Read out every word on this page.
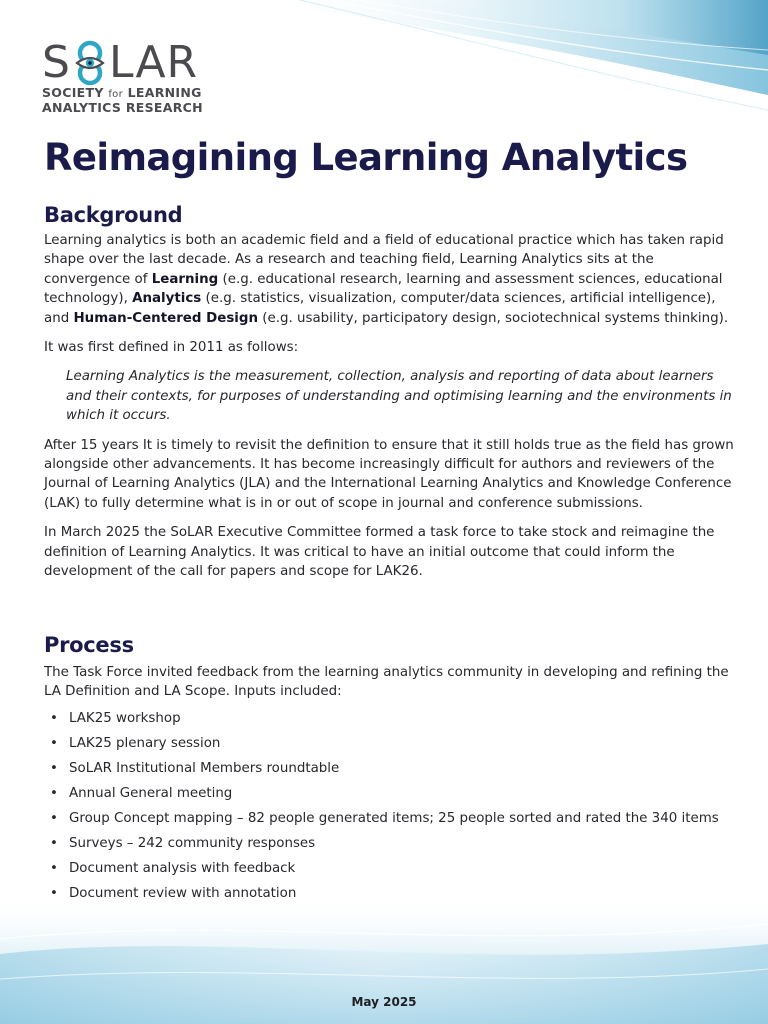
S LAR
SOCIETY for LEARNING
ANALYTICS RESEARCH
Reimagining Learning Analytics
Background

Learning analytics is both an academic field and a field of educational practice which has taken rapid shape over the last decade. As a research and teaching field, Learning Analytics sits at the convergence of Learning (e.g. educational research, learning and assessment sciences, educational technology), Analytics (e.g. statistics, visualization, computer/data sciences, artificial intelligence), and Human-Centered Design (e.g. usability, participatory design, sociotechnical systems thinking).

It was first defined in 2011 as follows:

Learning Analytics is the measurement, collection, analysis and reporting of data about learners and their contexts, for purposes of understanding and optimising learning and the environments in which it occurs.

After 15 years It is timely to revisit the definition to ensure that it still holds true as the field has grown alongside other advancements. It has become increasingly difficult for authors and reviewers of the Journal of Learning Analytics (JLA) and the International Learning Analytics and Knowledge Conference (LAK) to fully determine what is in or out of scope in journal and conference submissions.

In March 2025 the SoLAR Executive Committee formed a task force to take stock and reimagine the definition of Learning Analytics. It was critical to have an initial outcome that could inform the development of the call for papers and scope for LAK26.

Process

The Task Force invited feedback from the learning analytics community in developing and refining the LA Definition and LA Scope. Inputs included:

• LAK25 workshop
• LAK25 plenary session
• SoLAR Institutional Members roundtable
• Annual General meeting
• Group Concept mapping – 82 people generated items; 25 people sorted and rated the 340 items
• Surveys – 242 community responses
• Document analysis with feedback
• Document review with annotation
May 2025
